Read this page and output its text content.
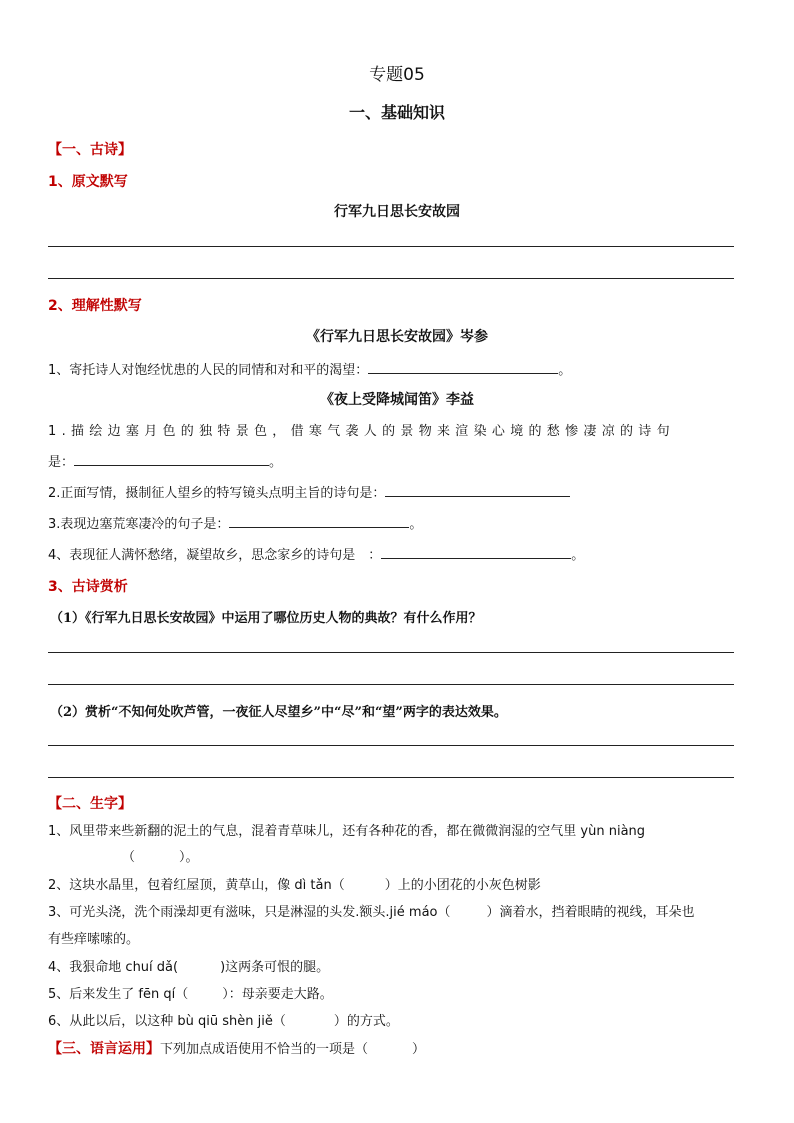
专题05
一、基础知识
【一、古诗】
1、原文默写
行军九日思长安故园
2、理解性默写
《行军九日思长安故园》岑参
1、寄托诗人对饱经忧患的人民的同情和对和平的渴望：	。
《夜上受降城闻笛》李益
1.描绘边塞月色的独特景色，借寒气袭人的景物来渲染心境的愁惨凄凉的诗句
是：	。
2.正面写情，摄制征人望乡的特写镜头点明主旨的诗句是：
3.表现边塞荒寒凄冷的句子是：	。
4、表现征人满怀愁绪，凝望故乡，思念家乡的诗句是　：	。
3、古诗赏析
（1）《行军九日思长安故园》中运用了哪位历史人物的典故？有什么作用？
（2）赏析“不知何处吹芦管，一夜征人尽望乡”中“尽”和“望”两字的表达效果。
【二、生字】
1、风里带来些新翻的泥土的气息，混着青草味儿，还有各种花的香，都在微微润湿的空气里 yùn niàng
（	）。
2、这块水晶里，包着红屋顶，黄草山，像 dì tǎn（	）上的小团花的小灰色树影
3、可光头浇，洗个雨澡却更有滋味，只是淋湿的头发.额头.jié máo（	）滴着水，挡着眼睛的视线，耳朵也
有些痒嗦嗦的。
4、我狠命地 chuí dǎ(	)这两条可恨的腿。
5、后来发生了 fēn qí（	）：母亲要走大路。
6、从此以后，以这种 bù qiū shèn jiě（	）的方式。
【三、语言运用】下列加点成语使用不恰当的一项是（	）
